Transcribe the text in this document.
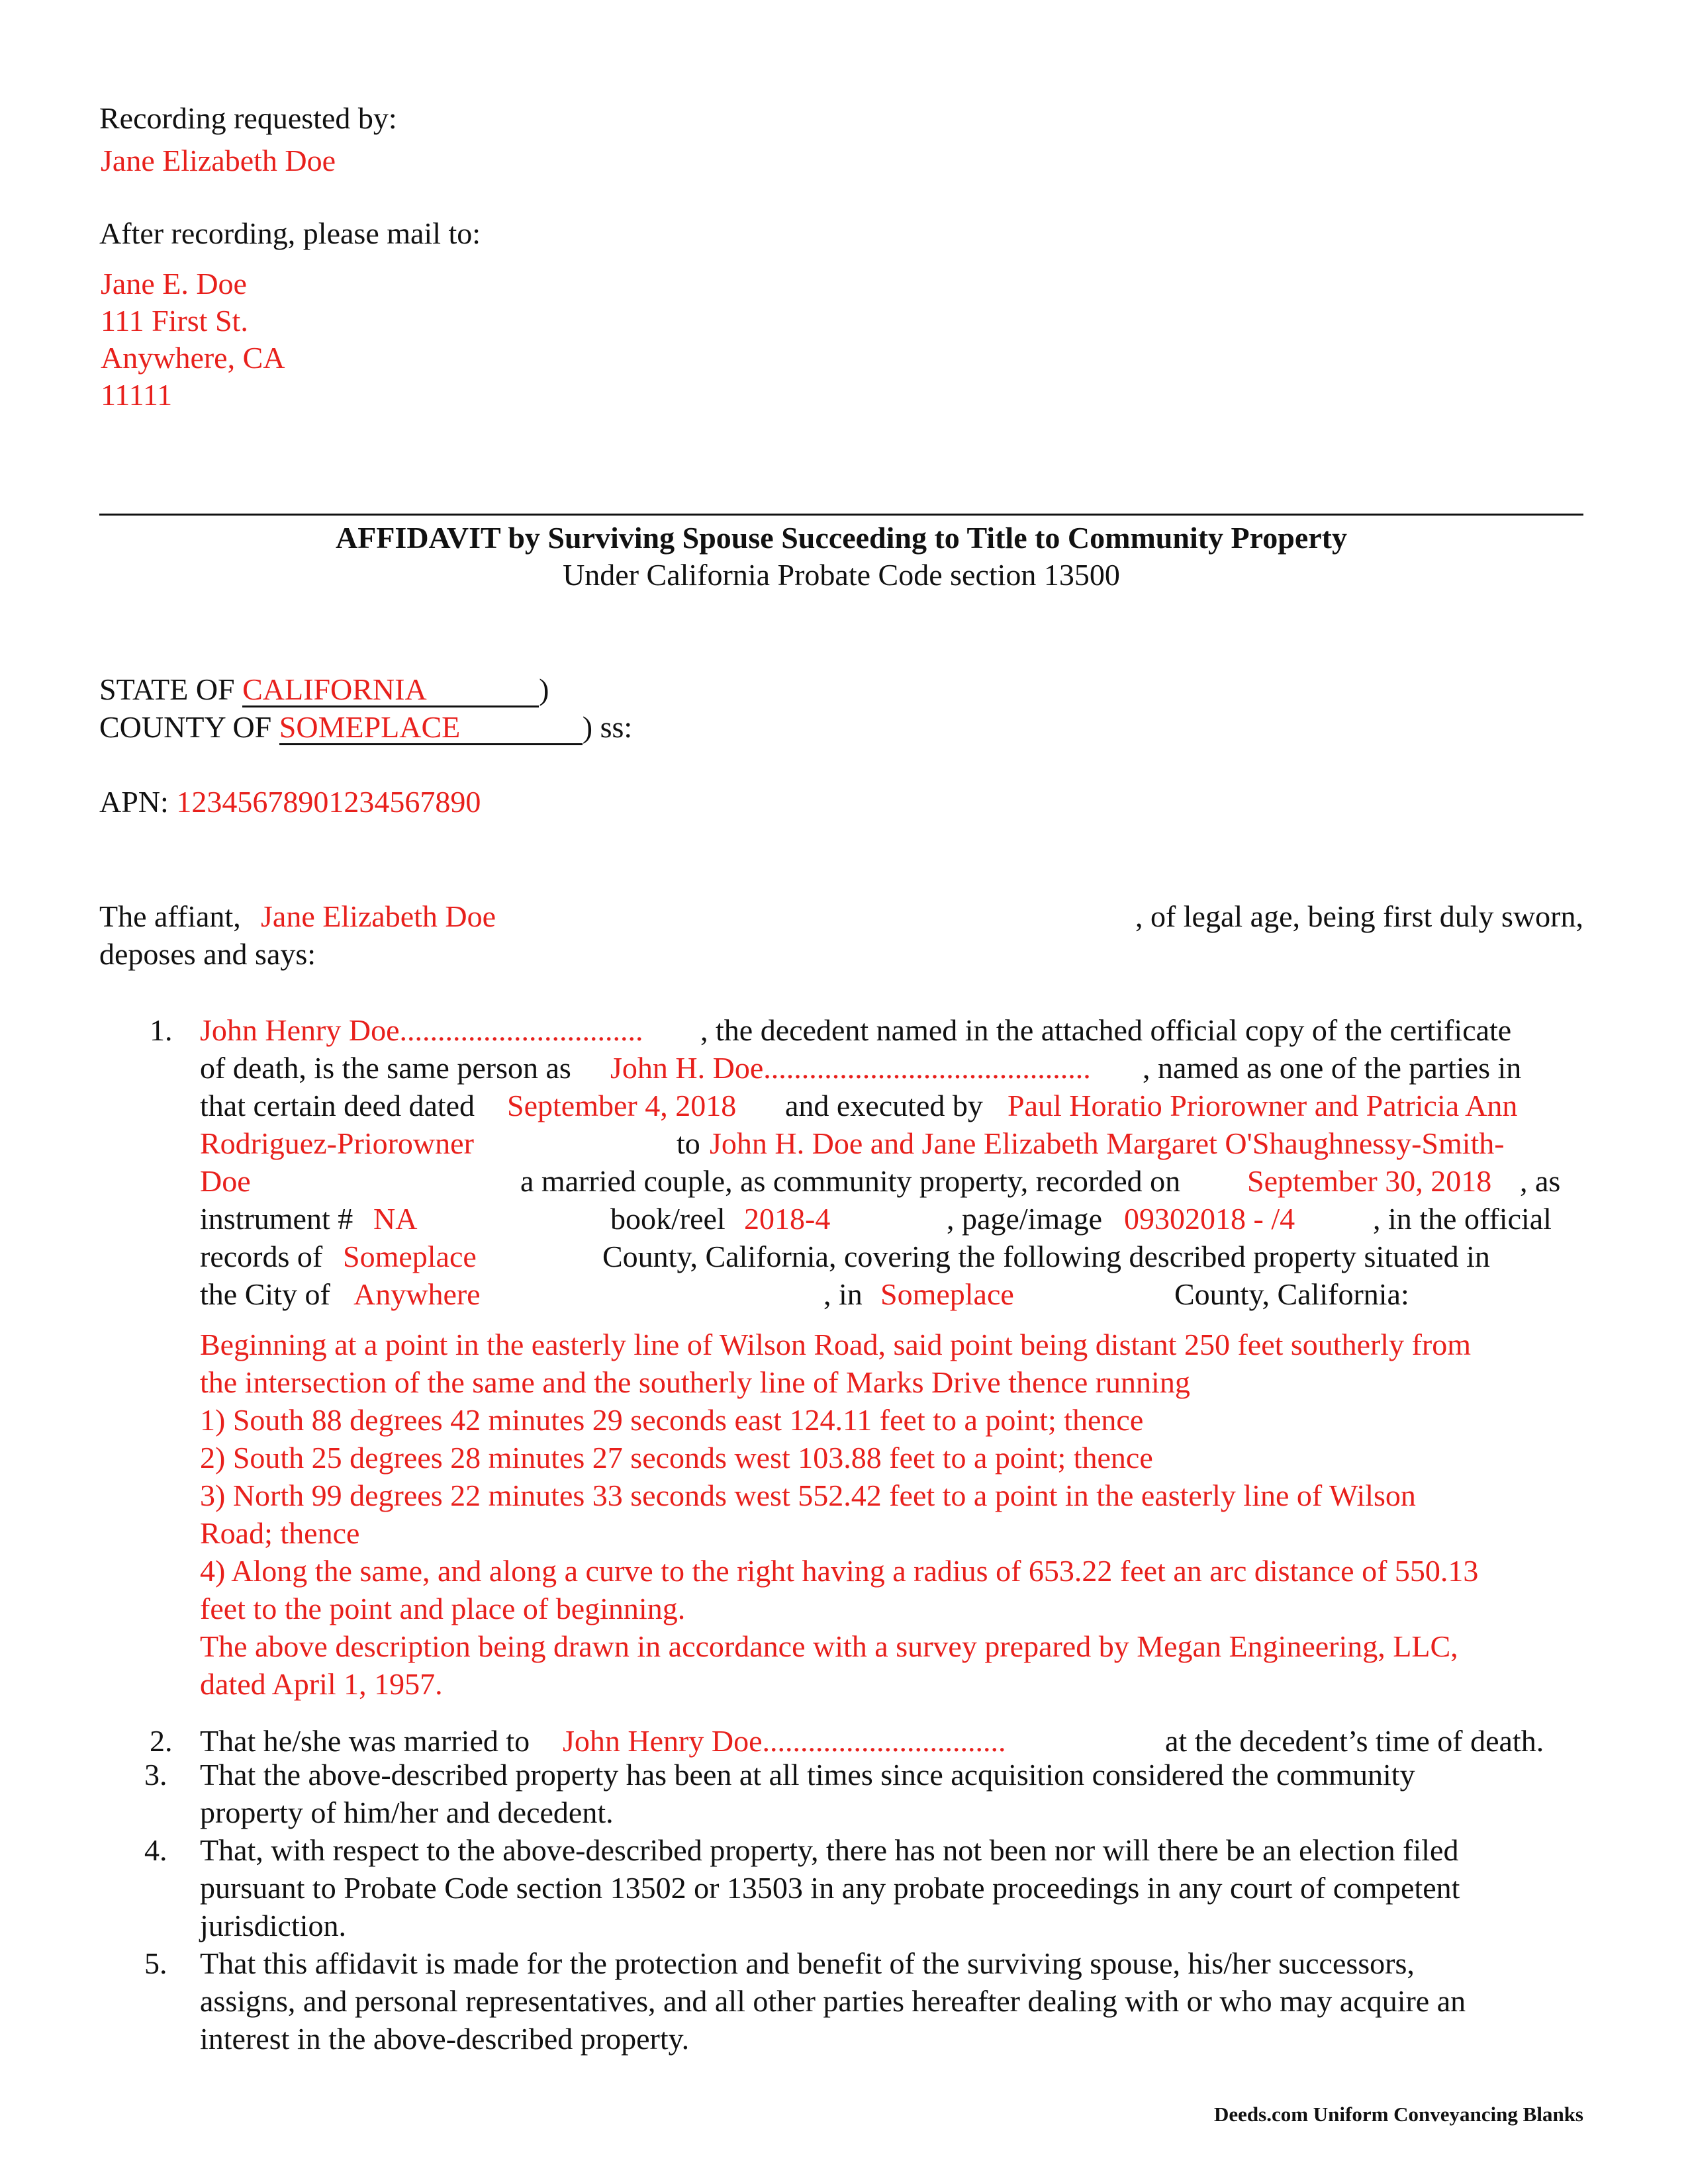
Recording requested by:
Jane Elizabeth Doe
After recording, please mail to:
Jane E. Doe
111 First St.
Anywhere, CA
11111
AFFIDAVIT by Surviving Spouse Succeeding to Title to Community Property
Under California Probate Code section 13500
STATE OF CALIFORNIA	)
COUNTY OF SOMEPLACE	) ss:
APN: 12345678901234567890
The affiant, Jane Elizabeth Doe	, of legal age, being first duly sworn,
deposes and says:
1. John Henry Doe................................ , the decedent named in the attached official copy of the certificate
of death, is the same person as John H. Doe........................................... , named as one of the parties in
that certain deed dated September 4, 2018 and executed by Paul Horatio Priorowner and Patricia Ann
Rodriguez-Priorowner	to John H. Doe and Jane Elizabeth Margaret O'Shaughnessy-Smith-
Doe	a married couple, as community property, recorded on September 30, 2018 , as
instrument # NA	book/reel 2018-4	, page/image 09302018 - /4	, in the official
records of Someplace	County, California, covering the following described property situated in
the City of Anywhere	, in Someplace	County, California:
Beginning at a point in the easterly line of Wilson Road, said point being distant 250 feet southerly from
the intersection of the same and the southerly line of Marks Drive thence running
1) South 88 degrees 42 minutes 29 seconds east 124.11 feet to a point; thence
2) South 25 degrees 28 minutes 27 seconds west 103.88 feet to a point; thence
3) North 99 degrees 22 minutes 33 seconds west 552.42 feet to a point in the easterly line of Wilson
Road; thence
4) Along the same, and along a curve to the right having a radius of 653.22 feet an arc distance of 550.13
feet to the point and place of beginning.
The above description being drawn in accordance with a survey prepared by Megan Engineering, LLC,
dated April 1, 1957.
2. That he/she was married to John Henry Doe................................	at the decedent’s time of death.
3. That the above-described property has been at all times since acquisition considered the community
property of him/her and decedent.
4. That, with respect to the above-described property, there has not been nor will there be an election filed
pursuant to Probate Code section 13502 or 13503 in any probate proceedings in any court of competent
jurisdiction.
5. That this affidavit is made for the protection and benefit of the surviving spouse, his/her successors,
assigns, and personal representatives, and all other parties hereafter dealing with or who may acquire an
interest in the above-described property.
Deeds.com Uniform Conveyancing Blanks
